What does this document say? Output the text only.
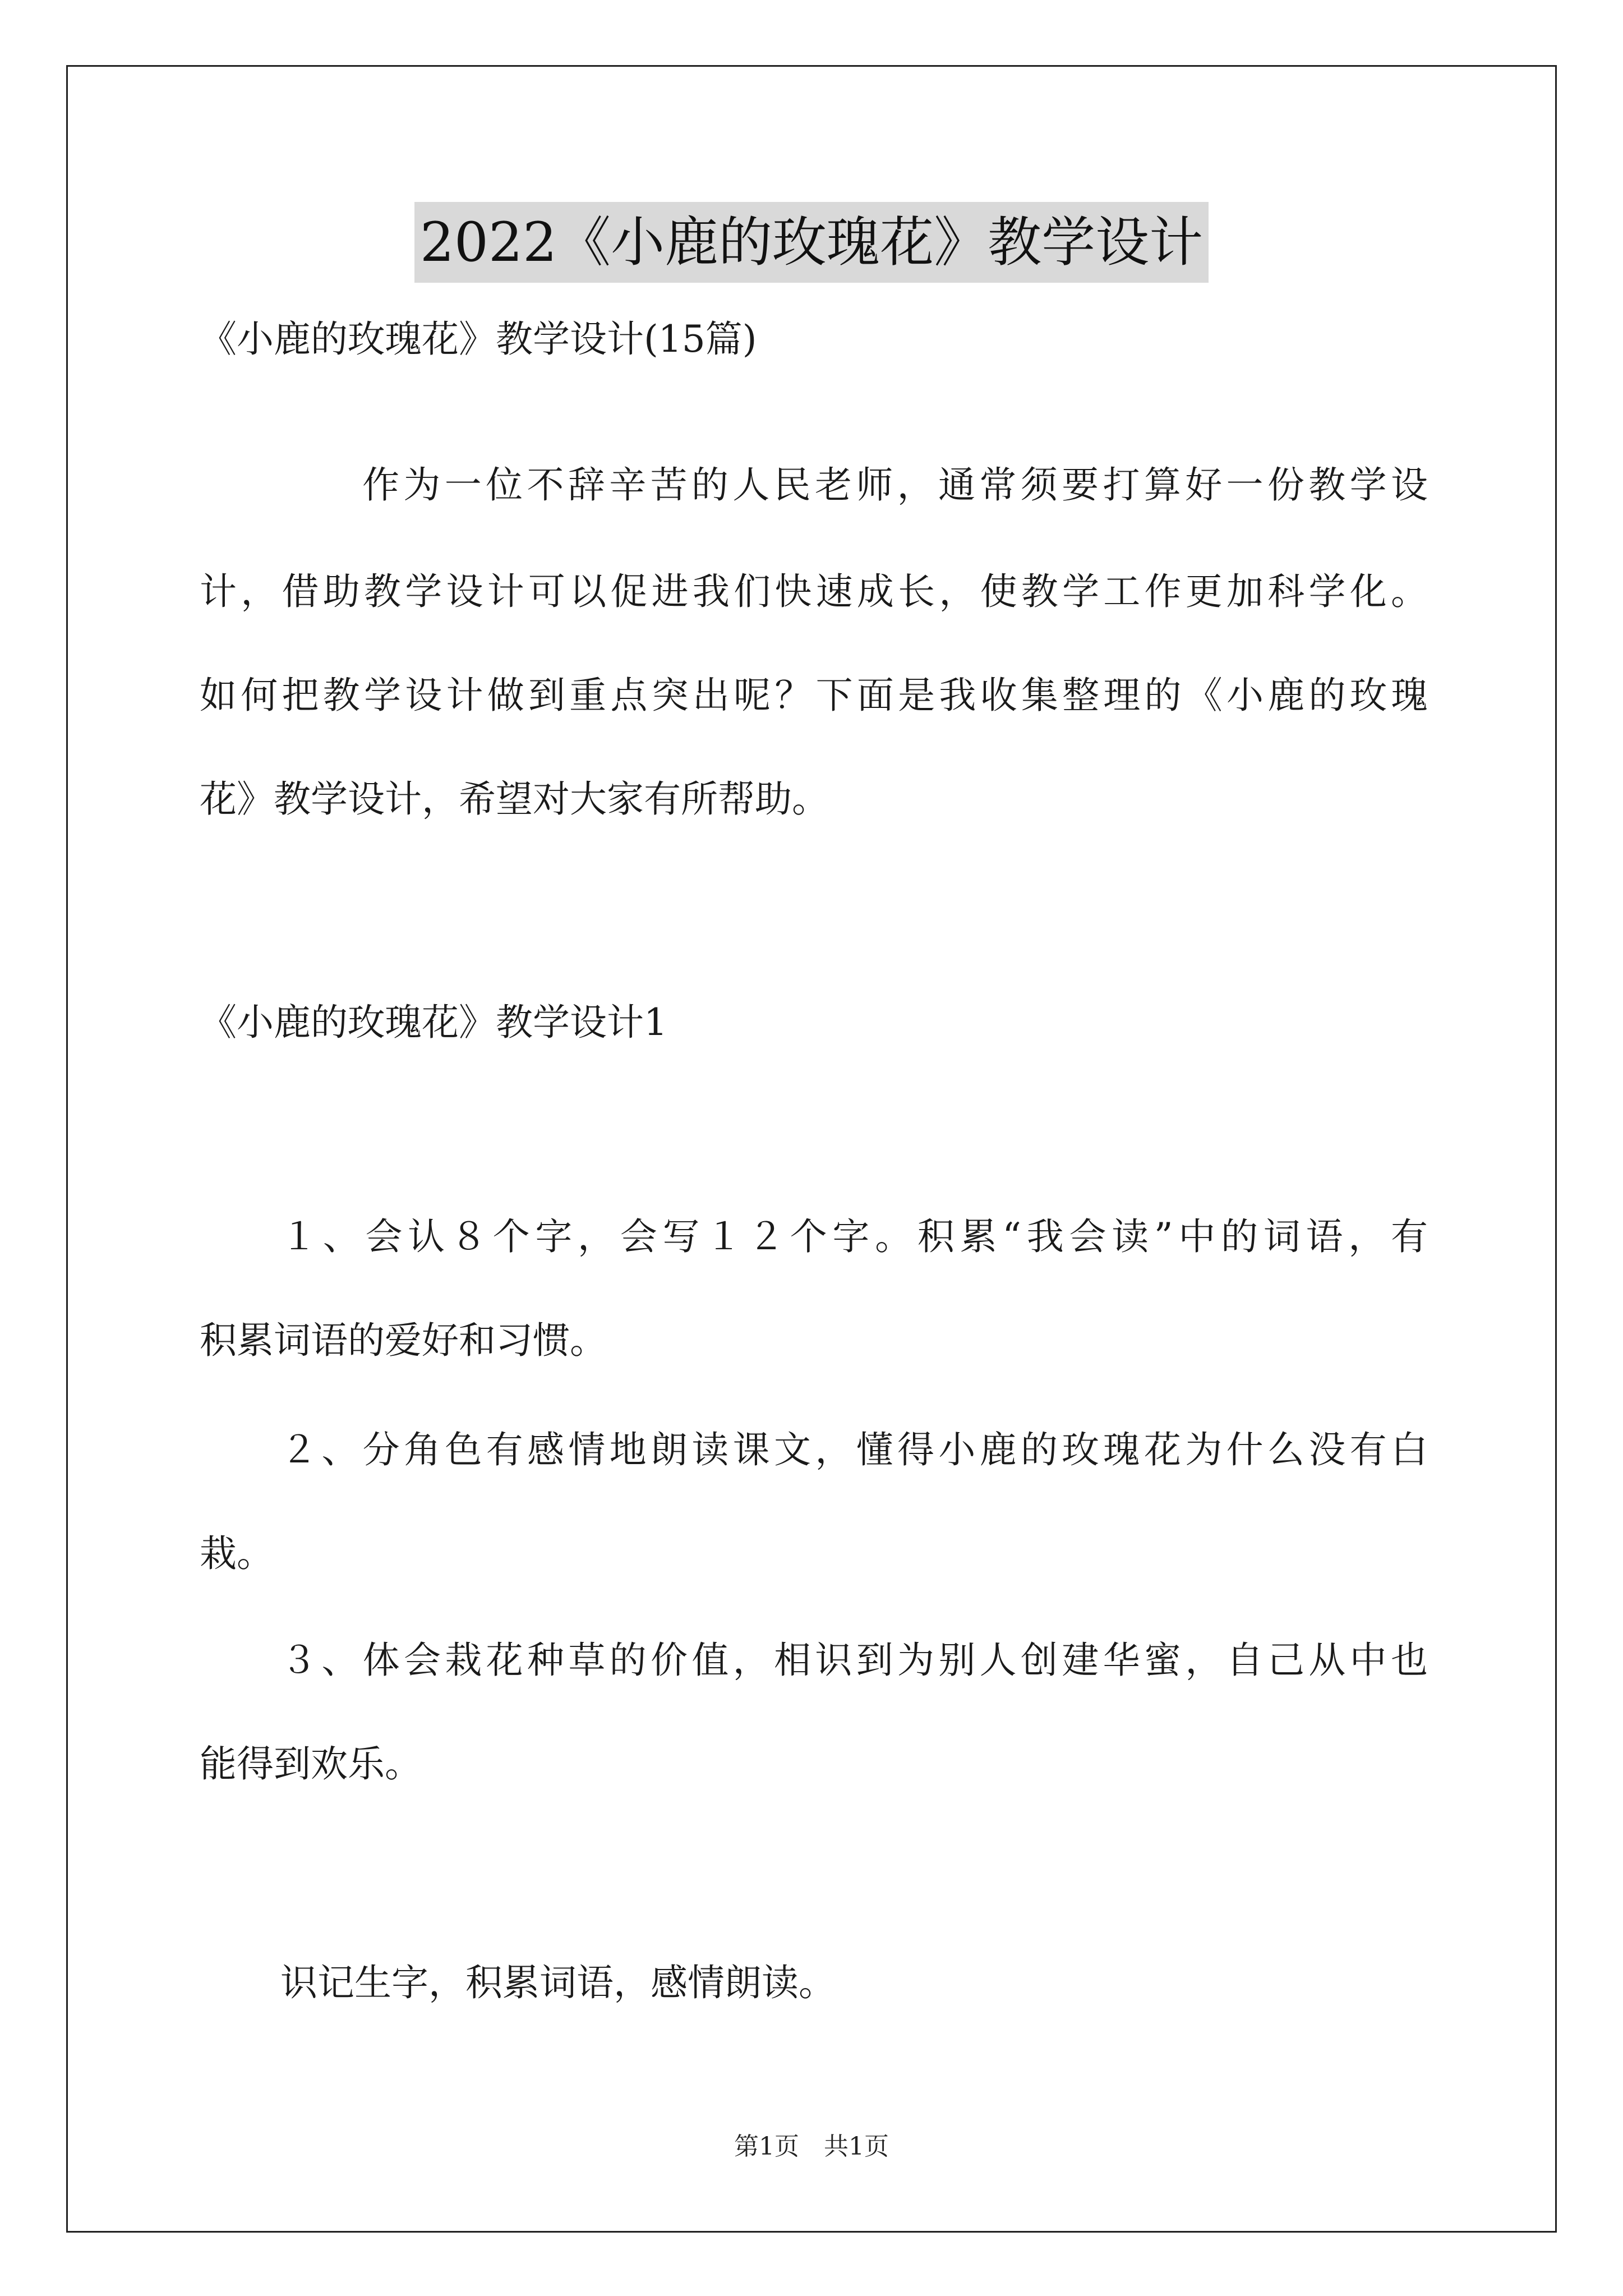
2022《小鹿的玫瑰花》教学设计
《小鹿的玫瑰花》教学设计(15篇)
作为一位不辞辛苦的人民老师，通常须要打算好一份教学设
计，借助教学设计可以促进我们快速成长，使教学工作更加科学化。
如何把教学设计做到重点突出呢？下面是我收集整理的《小鹿的玫瑰
花》教学设计，希望对大家有所帮助。
《小鹿的玫瑰花》教学设计1
１、会认８个字，会写１２个字。积累“我会读”中的词语，有
积累词语的爱好和习惯。
２、分角色有感情地朗读课文，懂得小鹿的玫瑰花为什么没有白
栽。
３、体会栽花种草的价值，相识到为别人创建华蜜，自己从中也
能得到欢乐。
识记生字，积累词语，感情朗读。
第1页　共1页
